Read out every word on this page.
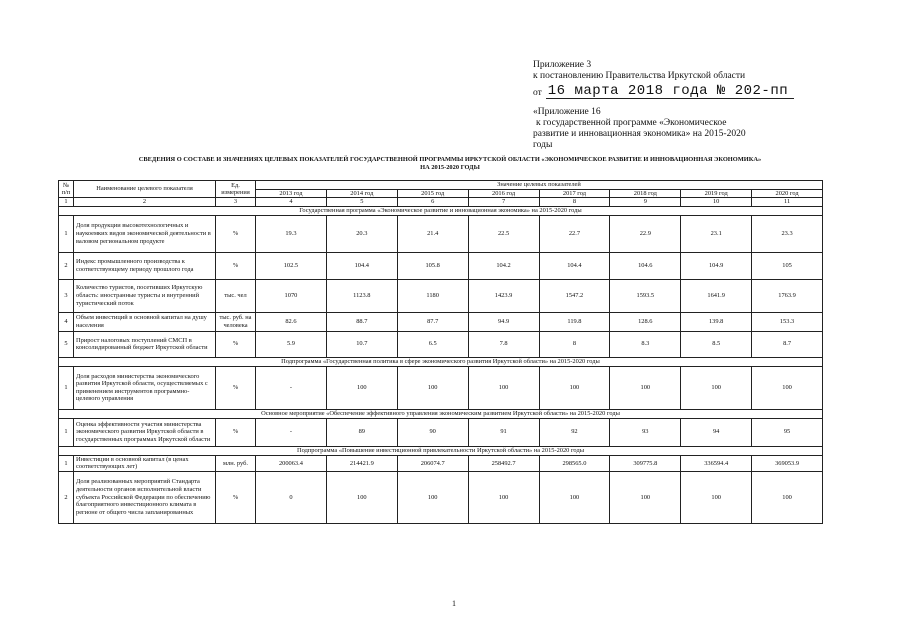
Приложение 3
к постановлению Правительства Иркутской области
от 16 марта 2018 года № 202-пп
«Приложение 16
к государственной программе «Экономическое
развитие и инновационная экономика» на 2015-2020
годы
СВЕДЕНИЯ О СОСТАВЕ И ЗНАЧЕНИЯХ ЦЕЛЕВЫХ ПОКАЗАТЕЛЕЙ ГОСУДАРСТВЕННОЙ ПРОГРАММЫ ИРКУТСКОЙ ОБЛАСТИ «ЭКОНОМИЧЕСКОЕ РАЗВИТИЕ И ИННОВАЦИОННАЯ ЭКОНОМИКА»
НА 2015-2020 ГОДЫ
№ п/п	Наименование целевого показателя	Ед. измерения	Значение целевых показателей							
			2013 год	2014 год	2015 год	2016 год	2017 год	2018 год	2019 год	2020 год
1	2	3	4	5	6	7	8	9	10	11
Государственная программа «Экономическое развитие и инновационная экономика» на 2015-2020 годы										
1	Доля продукции высокотехнологичных и наукоемких видов экономической деятельности в валовом региональном продукте	%	19.3	20.3	21.4	22.5	22.7	22.9	23.1	23.3
2	Индекс промышленного производства к соответствующему периоду прошлого года	%	102.5	104.4	105.8	104.2	104.4	104.6	104.9	105
3	Количество туристов, посетивших Иркутскую область: иностранные туристы и внутренний туристический поток	тыс. чел	1070	1123.8	1180	1423.9	1547.2	1593.5	1641.9	1763.9
4	Объем инвестиций в основной капитал на душу населения	тыс. руб. на человека	82.6	88.7	87.7	94.9	119.8	128.6	139.8	153.3
5	Прирост налоговых поступлений СМСП в консолидированный бюджет Иркутской области	%	5.9	10.7	6.5	7.8	8	8.3	8.5	8.7
Подпрограмма «Государственная политика в сфере экономического развития Иркутской области» на 2015-2020 годы										
1	Доля расходов министерства экономического развития Иркутской области, осуществляемых с применением инструментов программно-целевого управления	%	-	100	100	100	100	100	100	100
Основное мероприятие «Обеспечение эффективного управления экономическим развитием Иркутской области» на 2015-2020 годы										
1	Оценка эффективности участия министерства экономического развития Иркутской области в государственных программах Иркутской области	%	-	89	90	91	92	93	94	95
Подпрограмма «Повышение инвестиционной привлекательности Иркутской области» на 2015-2020 годы										
1	Инвестиции в основной капитал (в ценах соответствующих лет)	млн. руб.	200063.4	214421.9	206074.7	258492.7	298565.0	309775.8	336594.4	369053.9
2	Доля реализованных мероприятий Стандарта деятельности органов исполнительной власти субъекта Российской Федерации по обеспечению благоприятного инвестиционного климата в регионе от общего числа запланированных	%	0	100	100	100	100	100	100	100
1
